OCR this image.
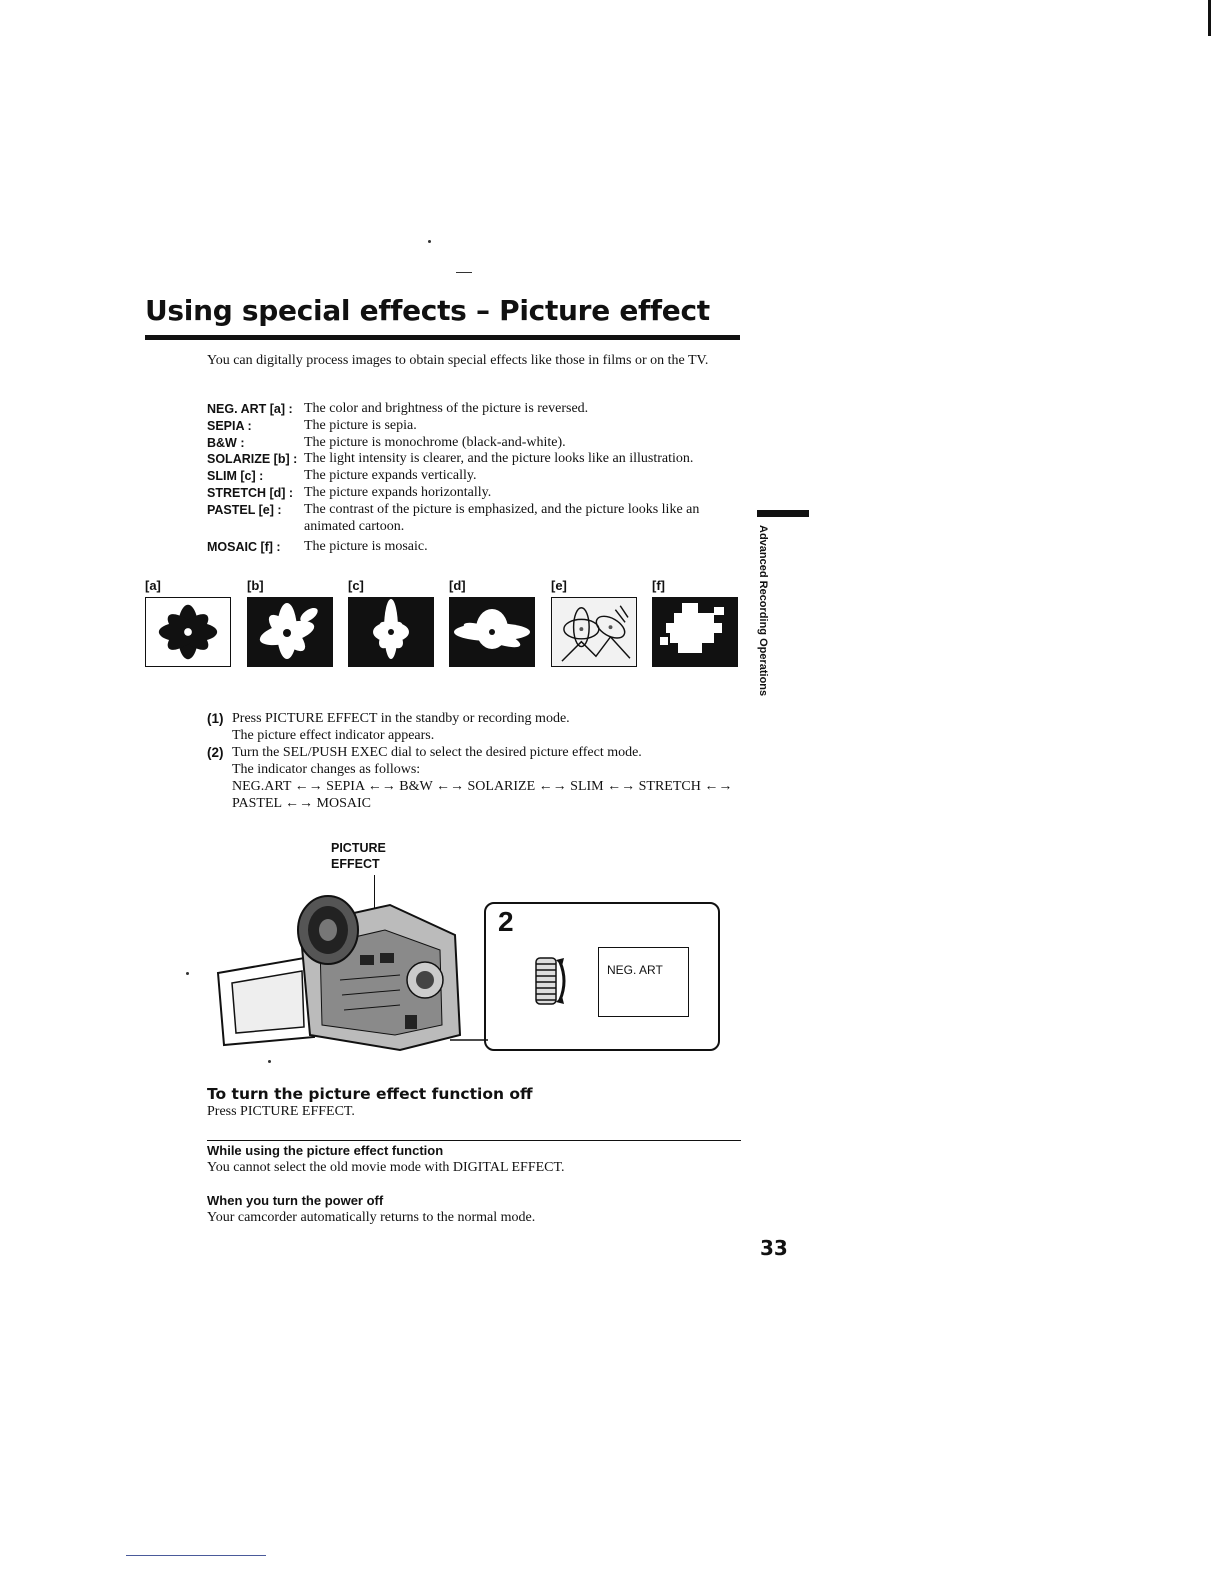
Using special effects – Picture effect

You can digitally process images to obtain special effects like those in films or on the TV.

NEG. ART [a] : The color and brightness of the picture is reversed.
SEPIA :	The picture is sepia.
B&W :	The picture is monochrome (black-and-white).
SOLARIZE [b] : The light intensity is clearer, and the picture looks like an illustration.
SLIM [c] :	The picture expands vertically.
STRETCH [d] : The picture expands horizontally.
PASTEL [e] :	The contrast of the picture is emphasized, and the picture looks like an animated cartoon.
MOSAIC [f] :	The picture is mosaic.
[a]	[b]	[c]	[d]	[e]	[f]	Advanced Recording Operations
(1) Press PICTURE EFFECT in the standby or recording mode.

The picture effect indicator appears.

(2) Turn the SEL/PUSH EXEC dial to select the desired picture effect mode.

The indicator changes as follows:

NEG.ART ←→ SEPIA ←→ B&W ←→ SOLARIZE ←→ SLIM ←→ STRETCH ←→

PASTEL ←→ MOSAIC

PICTURE
EFFECT
2
NEG. ART
To turn the picture effect function off
Press PICTURE EFFECT.
While using the picture effect function
You cannot select the old movie mode with DIGITAL EFFECT.
When you turn the power off
Your camcorder automatically returns to the normal mode.
33
